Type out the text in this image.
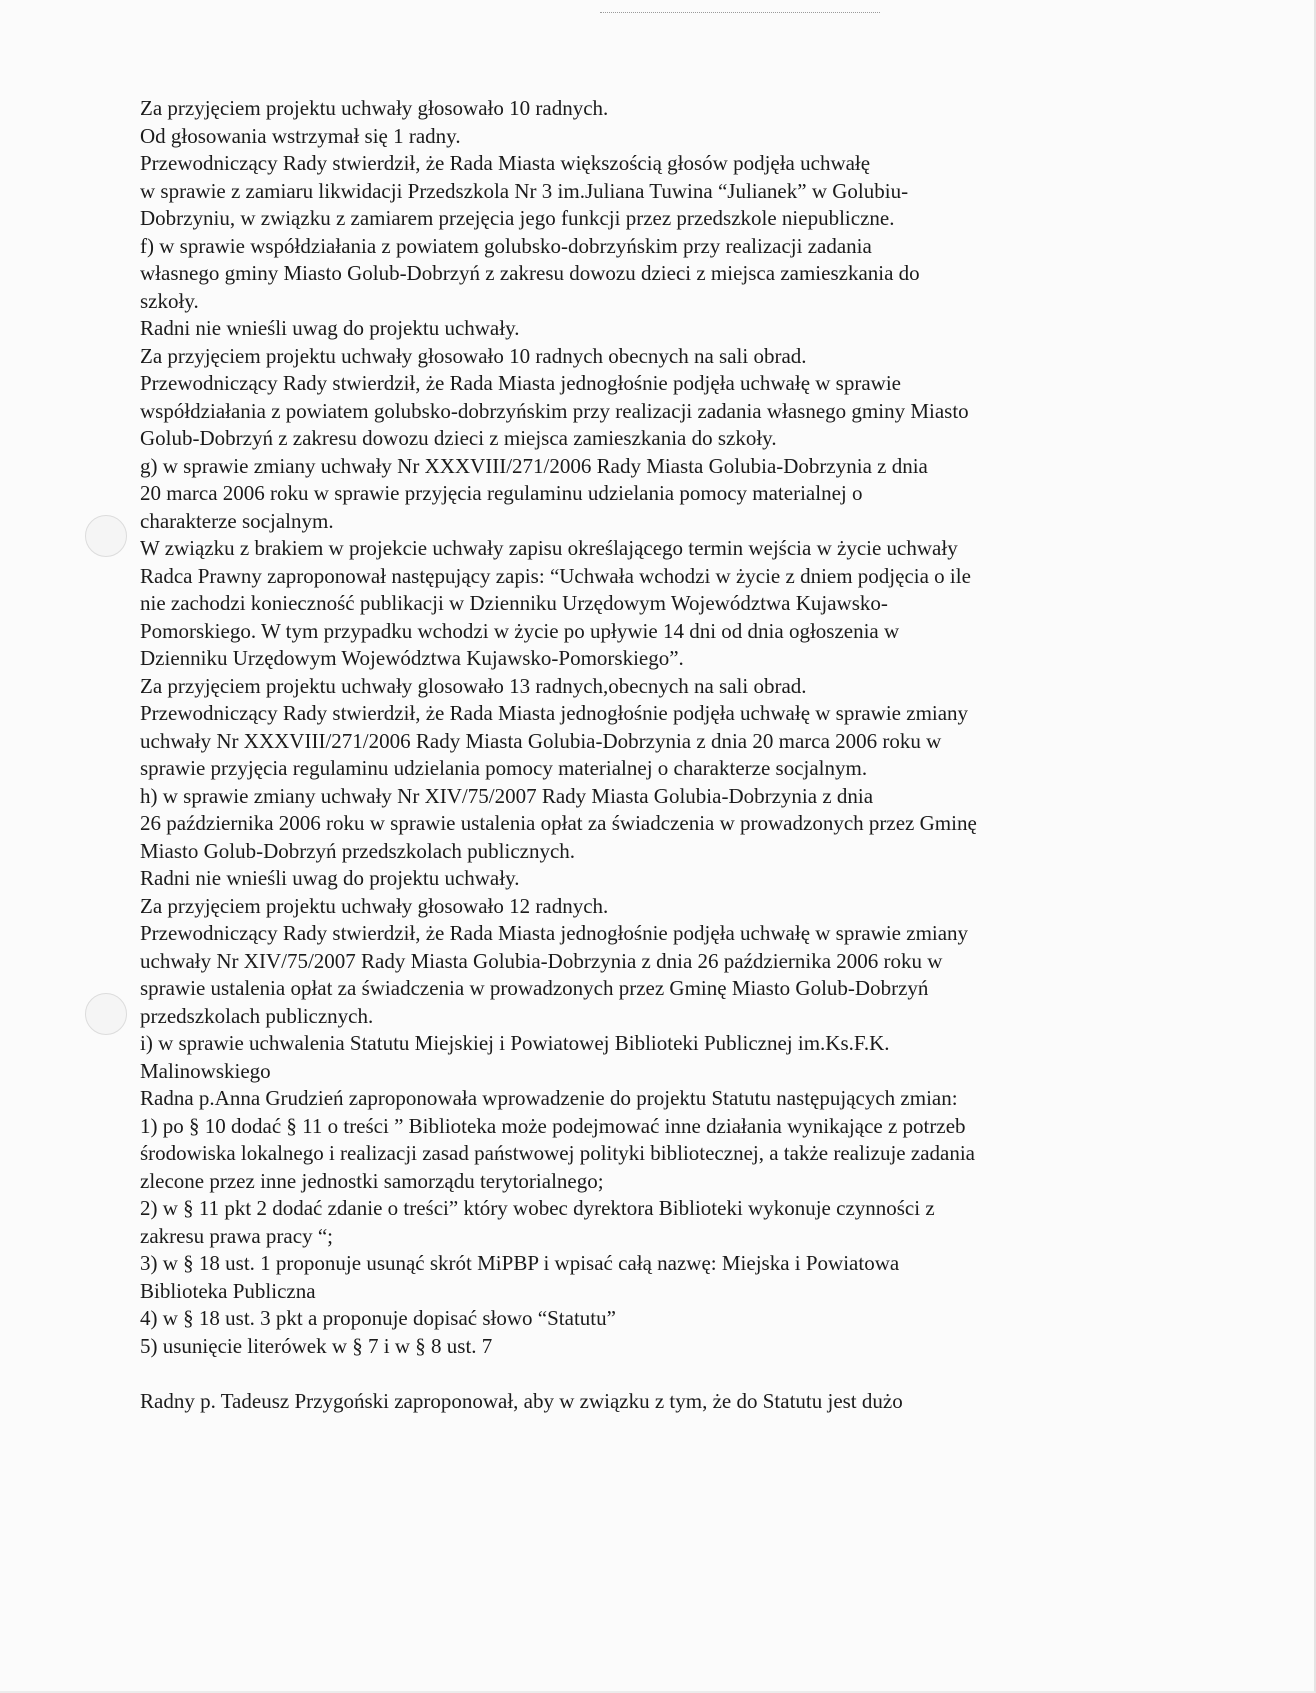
Za przyjęciem projektu uchwały głosowało 10 radnych.
Od głosowania wstrzymał się 1 radny.
Przewodniczący Rady stwierdził, że Rada Miasta większością głosów podjęła uchwałę
w sprawie z zamiaru likwidacji Przedszkola Nr 3 im.Juliana Tuwina “Julianek” w Golubiu-
Dobrzyniu, w związku z zamiarem przejęcia jego funkcji przez przedszkole niepubliczne.
f) w sprawie współdziałania z powiatem golubsko-dobrzyńskim przy realizacji zadania
własnego gminy Miasto Golub-Dobrzyń z zakresu dowozu dzieci z miejsca zamieszkania do
szkoły.
Radni nie wnieśli uwag do projektu uchwały.
Za przyjęciem projektu uchwały głosowało 10 radnych obecnych na sali obrad.
Przewodniczący Rady stwierdził, że Rada Miasta jednogłośnie podjęła uchwałę w sprawie
współdziałania z powiatem golubsko-dobrzyńskim przy realizacji zadania własnego gminy Miasto
Golub-Dobrzyń z zakresu dowozu dzieci z miejsca zamieszkania do szkoły.
g) w sprawie zmiany uchwały Nr XXXVIII/271/2006 Rady Miasta Golubia-Dobrzynia z dnia
20 marca 2006 roku w sprawie przyjęcia regulaminu udzielania pomocy materialnej o
charakterze socjalnym.
W związku z brakiem w projekcie uchwały zapisu określającego termin wejścia w życie uchwały
Radca Prawny zaproponował następujący zapis: “Uchwała wchodzi w życie z dniem podjęcia o ile
nie zachodzi konieczność publikacji w Dzienniku Urzędowym Województwa Kujawsko-
Pomorskiego. W tym przypadku wchodzi w życie po upływie 14 dni od dnia ogłoszenia w
Dzienniku Urzędowym Województwa Kujawsko-Pomorskiego”.
Za przyjęciem projektu uchwały glosowało 13 radnych,obecnych na sali obrad.
Przewodniczący Rady stwierdził, że Rada Miasta jednogłośnie podjęła uchwałę w sprawie zmiany
uchwały Nr XXXVIII/271/2006 Rady Miasta Golubia-Dobrzynia z dnia 20 marca 2006 roku w
sprawie przyjęcia regulaminu udzielania pomocy materialnej o charakterze socjalnym.
h) w sprawie zmiany uchwały Nr XIV/75/2007 Rady Miasta Golubia-Dobrzynia z dnia
26 października 2006 roku w sprawie ustalenia opłat za świadczenia w prowadzonych przez Gminę
Miasto Golub-Dobrzyń przedszkolach publicznych.
Radni nie wnieśli uwag do projektu uchwały.
Za przyjęciem projektu uchwały głosowało 12 radnych.
Przewodniczący Rady stwierdził, że Rada Miasta jednogłośnie podjęła uchwałę w sprawie zmiany
uchwały Nr XIV/75/2007 Rady Miasta Golubia-Dobrzynia z dnia 26 października 2006 roku w
sprawie ustalenia opłat za świadczenia w prowadzonych przez Gminę Miasto Golub-Dobrzyń
przedszkolach publicznych.
i) w sprawie uchwalenia Statutu Miejskiej i Powiatowej Biblioteki Publicznej im.Ks.F.K.
Malinowskiego
Radna p.Anna Grudzień zaproponowała wprowadzenie do projektu Statutu następujących zmian:
1) po § 10 dodać § 11 o treści ” Biblioteka może podejmować inne działania wynikające z potrzeb
środowiska lokalnego i realizacji zasad państwowej polityki bibliotecznej, a także realizuje zadania
zlecone przez inne jednostki samorządu terytorialnego;
2) w § 11 pkt 2 dodać zdanie o treści” który wobec dyrektora Biblioteki wykonuje czynności z
zakresu prawa pracy “;
3) w § 18 ust. 1 proponuje usunąć skrót MiPBP i wpisać całą nazwę: Miejska i Powiatowa
Biblioteka Publiczna
4) w § 18 ust. 3 pkt a proponuje dopisać słowo “Statutu”
5) usunięcie literówek w § 7 i w § 8 ust. 7
Radny p. Tadeusz Przygoński zaproponował, aby w związku z tym, że do Statutu jest dużo
